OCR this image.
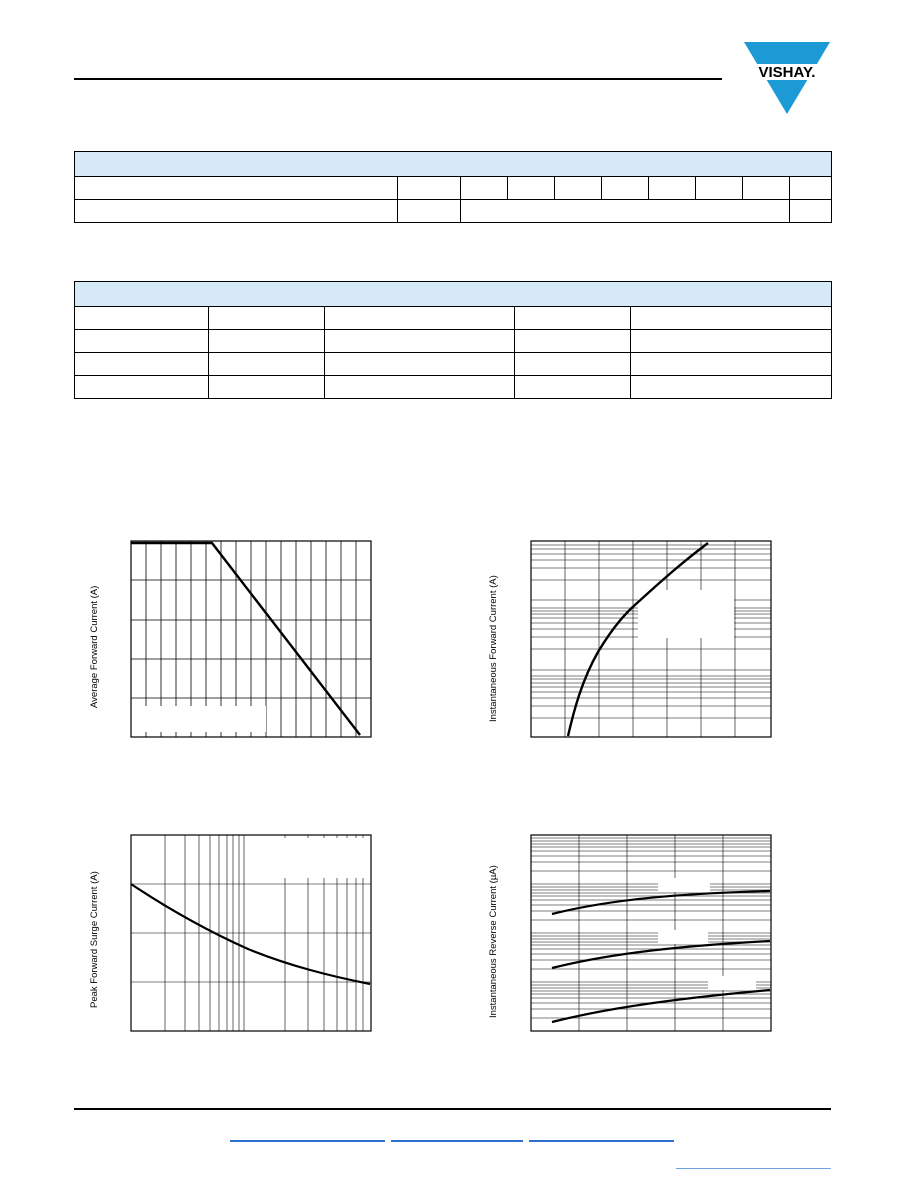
VISHAY.

Average Forward Current (A)	Instantaneous Forward Current (A)
Peak Forward Surge Current (A)	Instantaneous Reverse Current (µA)
